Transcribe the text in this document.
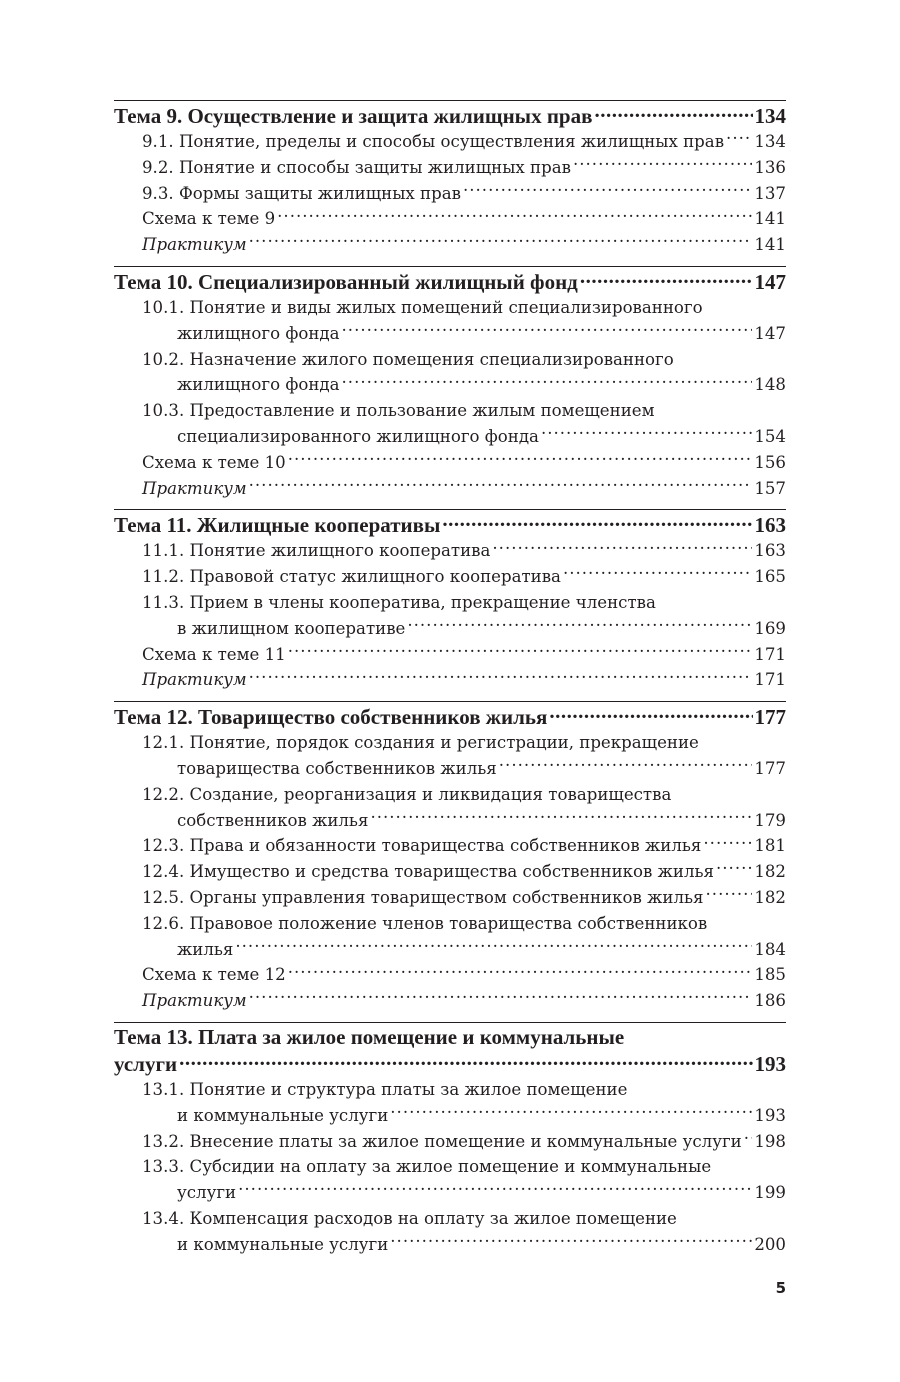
Тема 9. Осуществление и защита жилищных прав .....	134
9.1. Понятие, пределы и способы осуществления жилищных прав ..... 134
9.2. Понятие и способы защиты жилищных прав .....	136
9.3. Формы защиты жилищных прав .....	137
Схема к теме 9 .....	141
Практикум .....	141
Тема 10. Специализированный жилищный фонд .....	147
10.1. Понятие и виды жилых помещений специализированного
жилищного фонда .....	147
10.2. Назначение жилого помещения специализированного
жилищного фонда .....	148
10.3. Предоставление и пользование жилым помещением
специализированного жилищного фонда .....	154
Схема к теме 10 .....	156
Практикум .....	157
Тема 11. Жилищные кооперативы .....	163
11.1. Понятие жилищного кооператива .....	163
11.2. Правовой статус жилищного кооператива .....	165
11.3. Прием в члены кооператива, прекращение членства
в жилищном кооперативе .....	169
Схема к теме 11 .....	171
Практикум .....	171
Тема 12. Товарищество собственников жилья .....	177
12.1. Понятие, порядок создания и регистрации, прекращение
товарищества собственников жилья .....	177
12.2. Создание, реорганизация и ликвидация товарищества
собственников жилья .....	179
12.3. Права и обязанности товарищества собственников жилья .....	181
12.4. Имущество и средства товарищества собственников жилья ..... 182
12.5. Органы управления товариществом собственников жилья .....	182
12.6. Правовое положение членов товарищества собственников
жилья .....	184
Схема к теме 12 .....	185
Практикум .....	186
Тема 13. Плата за жилое помещение и коммунальные
услуги .....	193
13.1. Понятие и структура платы за жилое помещение
и коммунальные услуги .....	193
13.2. Внесение платы за жилое помещение и коммунальные услуги ..... 198
13.3. Субсидии на оплату за жилое помещение и коммунальные
услуги .....	199
13.4. Компенсация расходов на оплату за жилое помещение
и коммунальные услуги .....	200
5
